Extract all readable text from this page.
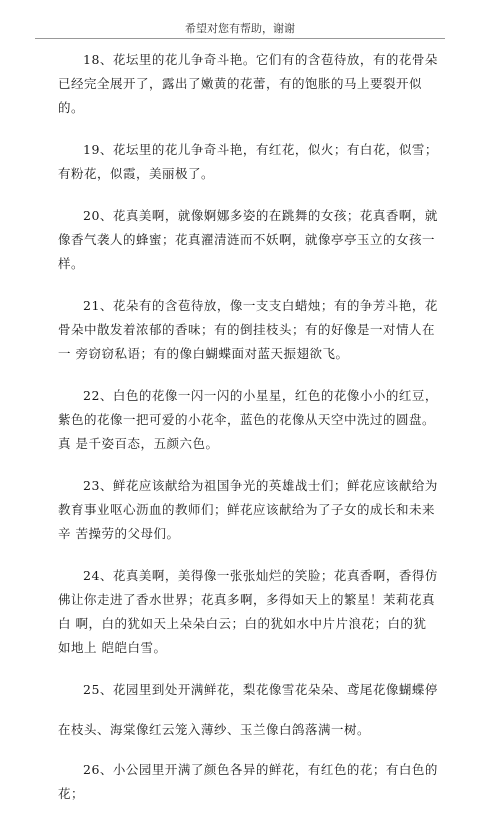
希望对您有帮助，谢谢

18、花坛里的花儿争奇斗艳。它们有的含苞待放，有的花骨朵 已经完全展开了，露出了嫩黄的花蕾，有的饱胀的马上要裂开似的。

19、花坛里的花儿争奇斗艳，有红花，似火；有白花，似雪； 有粉花，似霞，美丽极了。

20、花真美啊，就像婀娜多姿的在跳舞的女孩；花真香啊，就 像香气袭人的蜂蜜；花真濯清涟而不妖啊，就像亭亭玉立的女孩一样。

21、花朵有的含苞待放，像一支支白蜡烛；有的争芳斗艳，花 骨朵中散发着浓郁的香味；有的倒挂枝头；有的好像是一对情人在一 旁窃窃私语；有的像白蝴蝶面对蓝天振翅欲飞。

22、白色的花像一闪一闪的小星星，红色的花像小小的红豆， 紫色的花像一把可爱的小花伞，蓝色的花像从天空中洗过的圆盘。真 是千姿百态，五颜六色。

23、鲜花应该献给为祖国争光的英雄战士们；鲜花应该献给为 教育事业呕心沥血的教师们；鲜花应该献给为了子女的成长和未来辛 苦操劳的父母们。

24、花真美啊，美得像一张张灿烂的笑脸；花真香啊，香得仿 佛让你走进了香水世界；花真多啊，多得如天上的繁星！茉莉花真白 啊，白的犹如天上朵朵白云；白的犹如水中片片浪花；白的犹如地上 皑皑白雪。

25、花园里到处开满鲜花，梨花像雪花朵朵、鸢尾花像蝴蝶停

在枝头、海棠像红云笼入薄纱、玉兰像白鸽落满一树。

26、小公园里开满了颜色各异的鲜花，有红色的花；有白色的 花；
